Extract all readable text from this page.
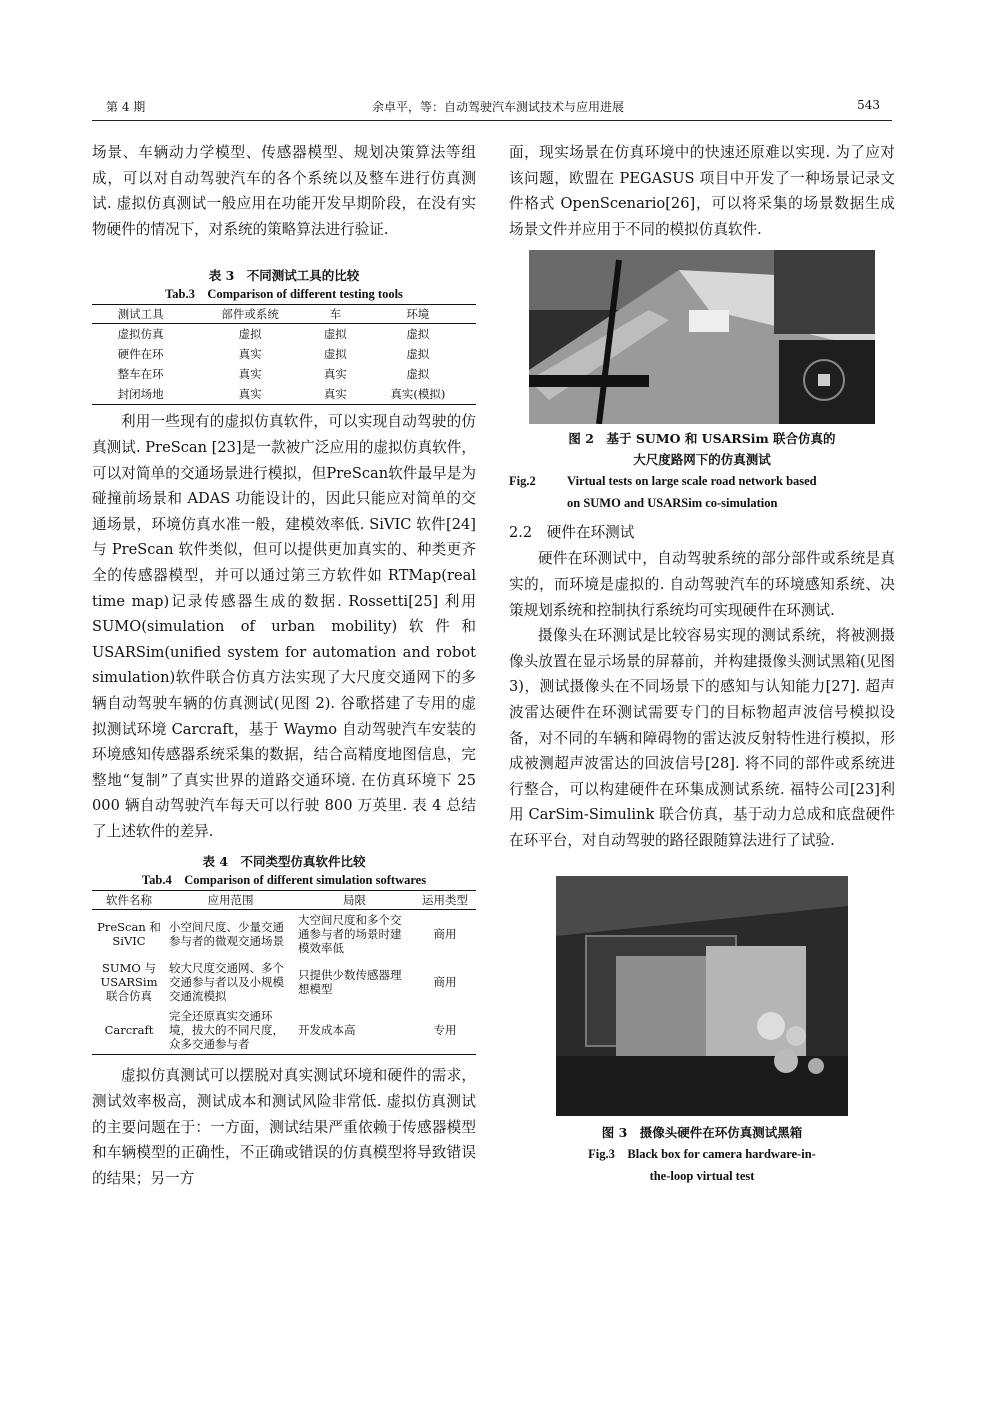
第 4 期	余卓平，等：自动驾驶汽车测试技术与应用进展	543

场景、车辆动力学模型、传感器模型、规划决策算法等组成，可以对自动驾驶汽车的各个系统以及整车进行仿真测试. 虚拟仿真测试一般应用在功能开发早期阶段，在没有实物硬件的情况下，对系统的策略算法进行验证.

表 3　不同测试工具的比较

Tab.3　Comparison of different testing tools

测试工具	部件或系统	车	环境
虚拟仿真	虚拟	虚拟	虚拟
硬件在环	真实	虚拟	虚拟
整车在环	真实	真实	虚拟
封闭场地	真实	真实	真实(模拟)

利用一些现有的虚拟仿真软件，可以实现自动驾驶的仿真测试. PreScan [23]是一款被广泛应用的虚拟仿真软件，可以对简单的交通场景进行模拟，但PreScan软件最早是为碰撞前场景和 ADAS 功能设计的，因此只能应对简单的交通场景，环境仿真水准一般，建模效率低. SiVIC 软件[24]与 PreScan 软件类似，但可以提供更加真实的、种类更齐全的传感器模型，并可以通过第三方软件如 RTMap(real time map)记录传感器生成的数据. Rossetti[25] 利用 SUMO(simulation of urban mobility)软件和 USARSim(unified system for automation and robot simulation)软件联合仿真方法实现了大尺度交通网下的多辆自动驾驶车辆的仿真测试(见图 2). 谷歌搭建了专用的虚拟测试环境 Carcraft，基于 Waymo 自动驾驶汽车安装的环境感知传感器系统采集的数据，结合高精度地图信息，完整地“复制”了真实世界的道路交通环境. 在仿真环境下 25 000 辆自动驾驶汽车每天可以行驶 800 万英里. 表 4 总结了上述软件的差异.

表 4　不同类型仿真软件比较

Tab.4　Comparison of different simulation softwares

软件名称	应用范围	局限	运用类型
PreScan 和 SiVIC	小空间尺度、少量交通参与者的微观交通场景	大空间尺度和多个交通参与者的场景时建模效率低	商用
SUMO 与 USARSim 联合仿真	较大尺度交通网、多个交通参与者以及小规模交通流模拟	只提供少数传感器理想模型	商用
Carcraft	完全还原真实交通环境，拔大的不同尺度，众多交通参与者	开发成本高	专用

虚拟仿真测试可以摆脱对真实测试环境和硬件的需求，测试效率极高，测试成本和测试风险非常低. 虚拟仿真测试的主要问题在于：一方面，测试结果严重依赖于传感器模型和车辆模型的正确性，不正确或错误的仿真模型将导致错误的结果；另一方

面，现实场景在仿真环境中的快速还原难以实现. 为了应对该问题，欧盟在 PEGASUS 项目中开发了一种场景记录文件格式 OpenScenario[26]，可以将采集的场景数据生成场景文件并应用于不同的模拟仿真软件.

图 2　基于 SUMO 和 USARSim 联合仿真的

大尺度路网下的仿真测试

Fig.2	Virtual tests on large scale road network based

on SUMO and USARSim co-simulation

2.2　硬件在环测试

硬件在环测试中，自动驾驶系统的部分部件或系统是真实的，而环境是虚拟的. 自动驾驶汽车的环境感知系统、决策规划系统和控制执行系统均可实现硬件在环测试.

摄像头在环测试是比较容易实现的测试系统，将被测摄像头放置在显示场景的屏幕前，并构建摄像头测试黑箱(见图 3)，测试摄像头在不同场景下的感知与认知能力[27]. 超声波雷达硬件在环测试需要专门的目标物超声波信号模拟设备，对不同的车辆和障碍物的雷达波反射特性进行模拟，形成被测超声波雷达的回波信号[28]. 将不同的部件或系统进行整合，可以构建硬件在环集成测试系统. 福特公司[23]利用 CarSim-Simulink 联合仿真，基于动力总成和底盘硬件在环平台，对自动驾驶的路径跟随算法进行了试验.

图 3　摄像头硬件在环仿真测试黑箱

Fig.3　Black box for camera hardware-in-

the-loop virtual test
